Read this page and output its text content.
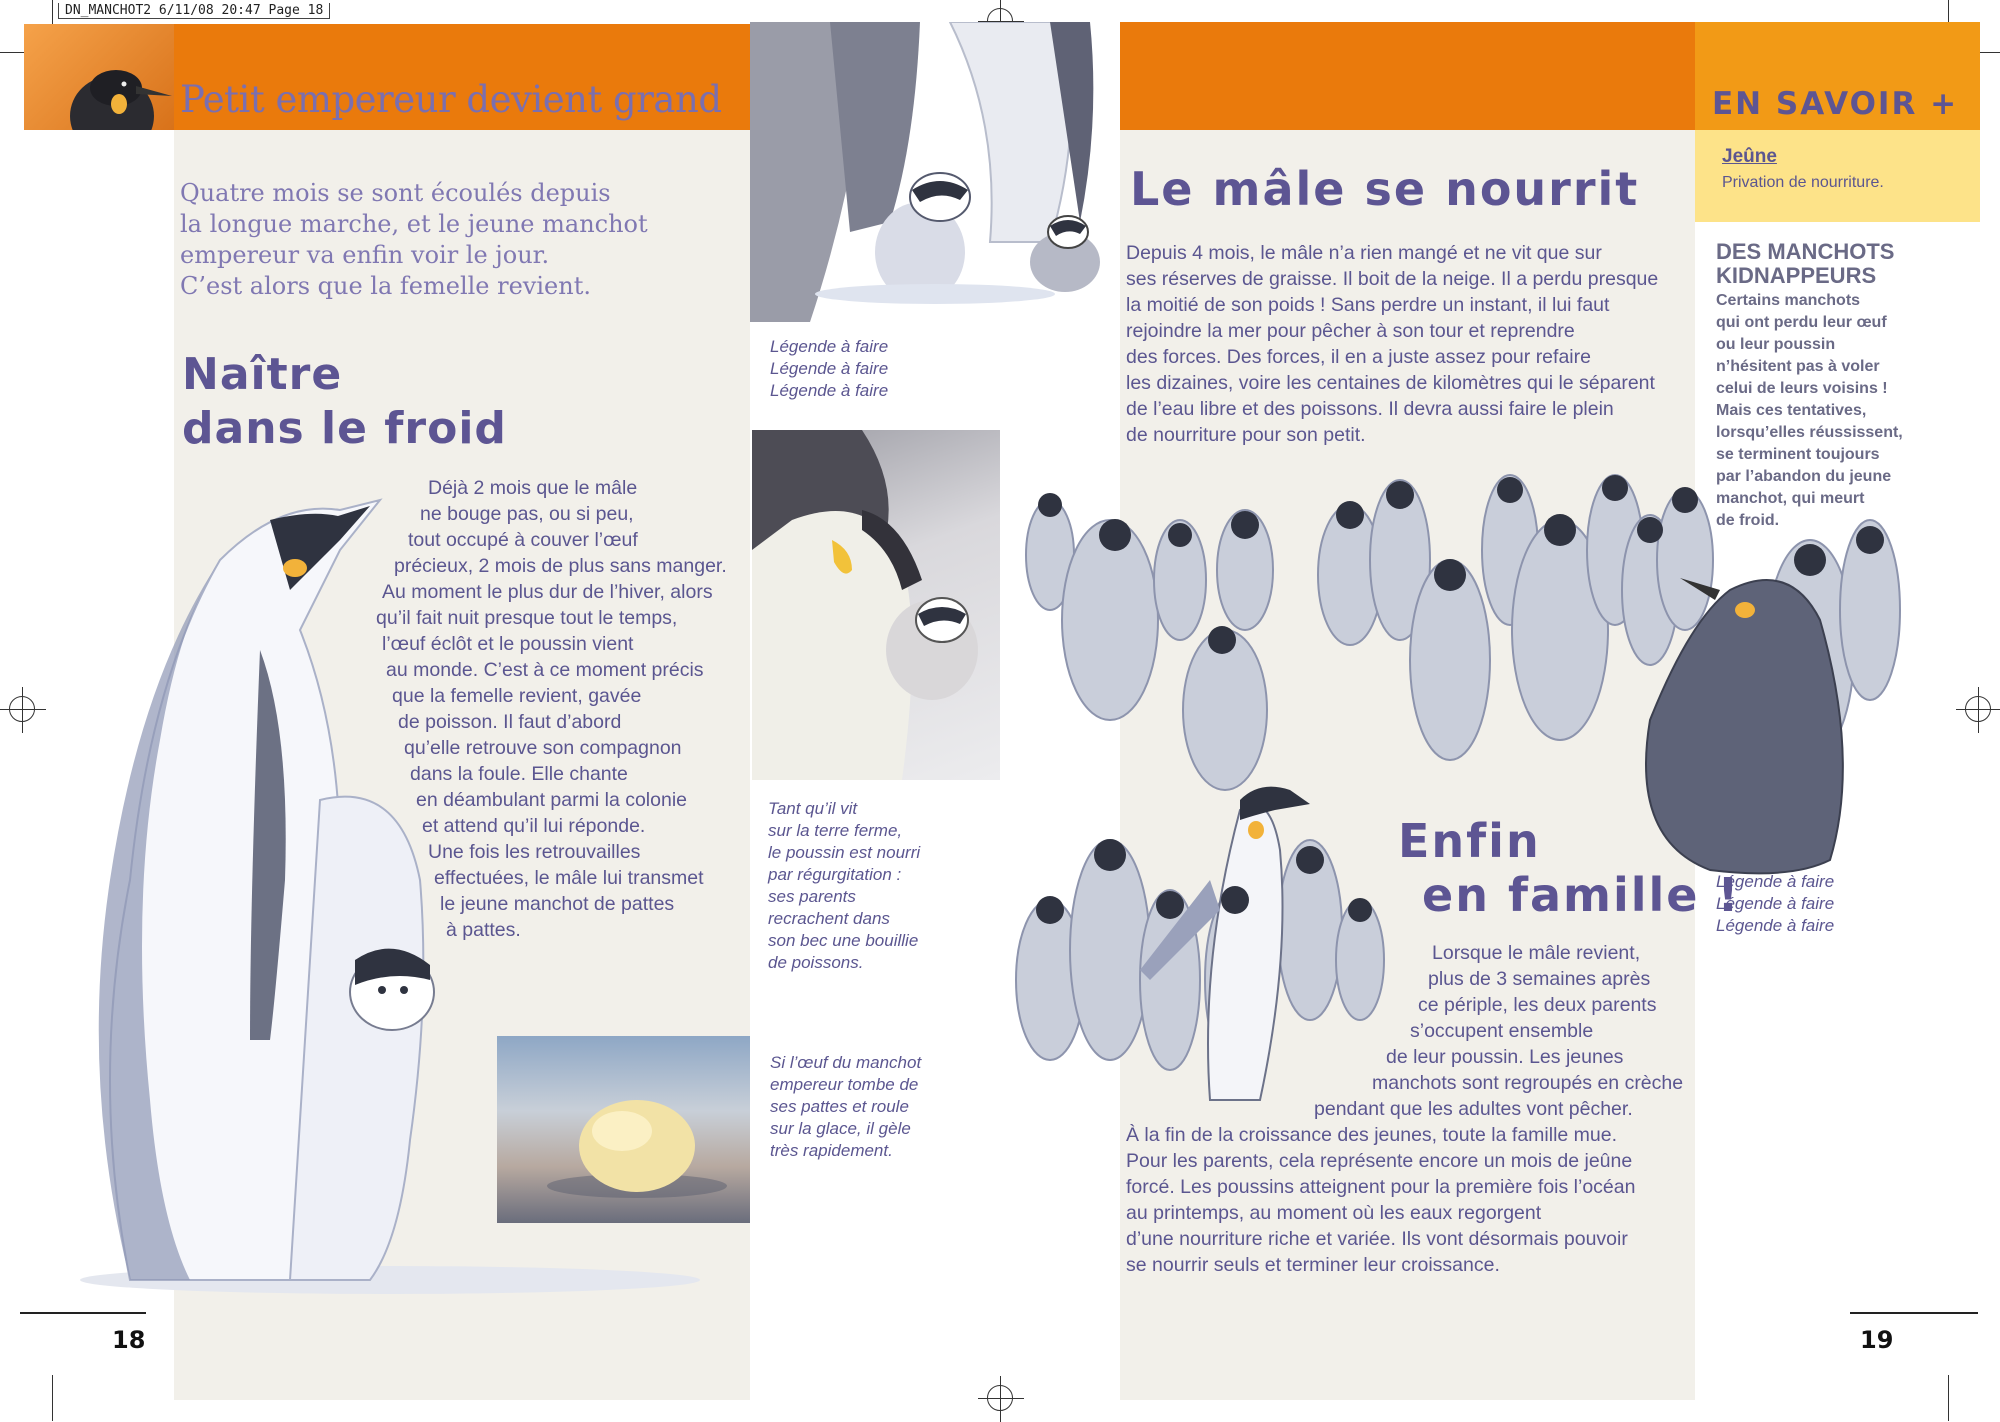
DN_MANCHOT2 6/11/08 20:47 Page 18
Petit empereur devient grand

Quatre mois se sont écoulés depuis

la longue marche, et le jeune manchot

empereur va enfin voir le jour.

C’est alors que la femelle revient.

Naître
dans le froid

Déjà 2 mois que le mâle

ne bouge pas, ou si peu,

tout occupé à couver l’œuf

précieux, 2 mois de plus sans manger.

Au moment le plus dur de l’hiver, alors

qu’il fait nuit presque tout le temps,

l’œuf éclôt et le poussin vient

au monde. C’est à ce moment précis

que la femelle revient, gavée

de poisson. Il faut d’abord

qu’elle retrouve son compagnon

dans la foule. Elle chante

en déambulant parmi la colonie

et attend qu’il lui réponde.

Une fois les retrouvailles

effectuées, le mâle lui transmet

le jeune manchot de pattes

à pattes.

18

Légende à faire

Légende à faire

Légende à faire

Tant qu’il vit

sur la terre ferme,

le poussin est nourri

par régurgitation :

ses parents

recrachent dans

son bec une bouillie

de poissons.

Si l’œuf du manchot

empereur tombe de

ses pattes et roule

sur la glace, il gèle

très rapidement.

Le mâle se nourrit

Depuis 4 mois, le mâle n’a rien mangé et ne vit que sur

ses réserves de graisse. Il boit de la neige. Il a perdu presque

la moitié de son poids ! Sans perdre un instant, il lui faut

rejoindre la mer pour pêcher à son tour et reprendre

des forces. Des forces, il en a juste assez pour refaire

les dizaines, voire les centaines de kilomètres qui le séparent

de l’eau libre et des poissons. Il devra aussi faire le plein

de nourriture pour son petit.

Enfin
en famille !

Lorsque le mâle revient,

plus de 3 semaines après

ce périple, les deux parents

s’occupent ensemble

de leur poussin. Les jeunes

manchots sont regroupés en crèche

pendant que les adultes vont pêcher.

À la fin de la croissance des jeunes, toute la famille mue.

Pour les parents, cela représente encore un mois de jeûne

forcé. Les poussins atteignent pour la première fois l’océan

au printemps, au moment où les eaux regorgent

d’une nourriture riche et variée. Ils vont désormais pouvoir

se nourrir seuls et terminer leur croissance.

EN SAVOIR +
Jeûne
Privation de nourriture.
DES MANCHOTS
KIDNAPPEURS

Certains manchots

qui ont perdu leur œuf

ou leur poussin

n’hésitent pas à voler

celui de leurs voisins !

Mais ces tentatives,

lorsqu’elles réussissent,

se terminent toujours

par l’abandon du jeune

manchot, qui meurt

de froid.

Légende à faire

Légende à faire

Légende à faire

19
